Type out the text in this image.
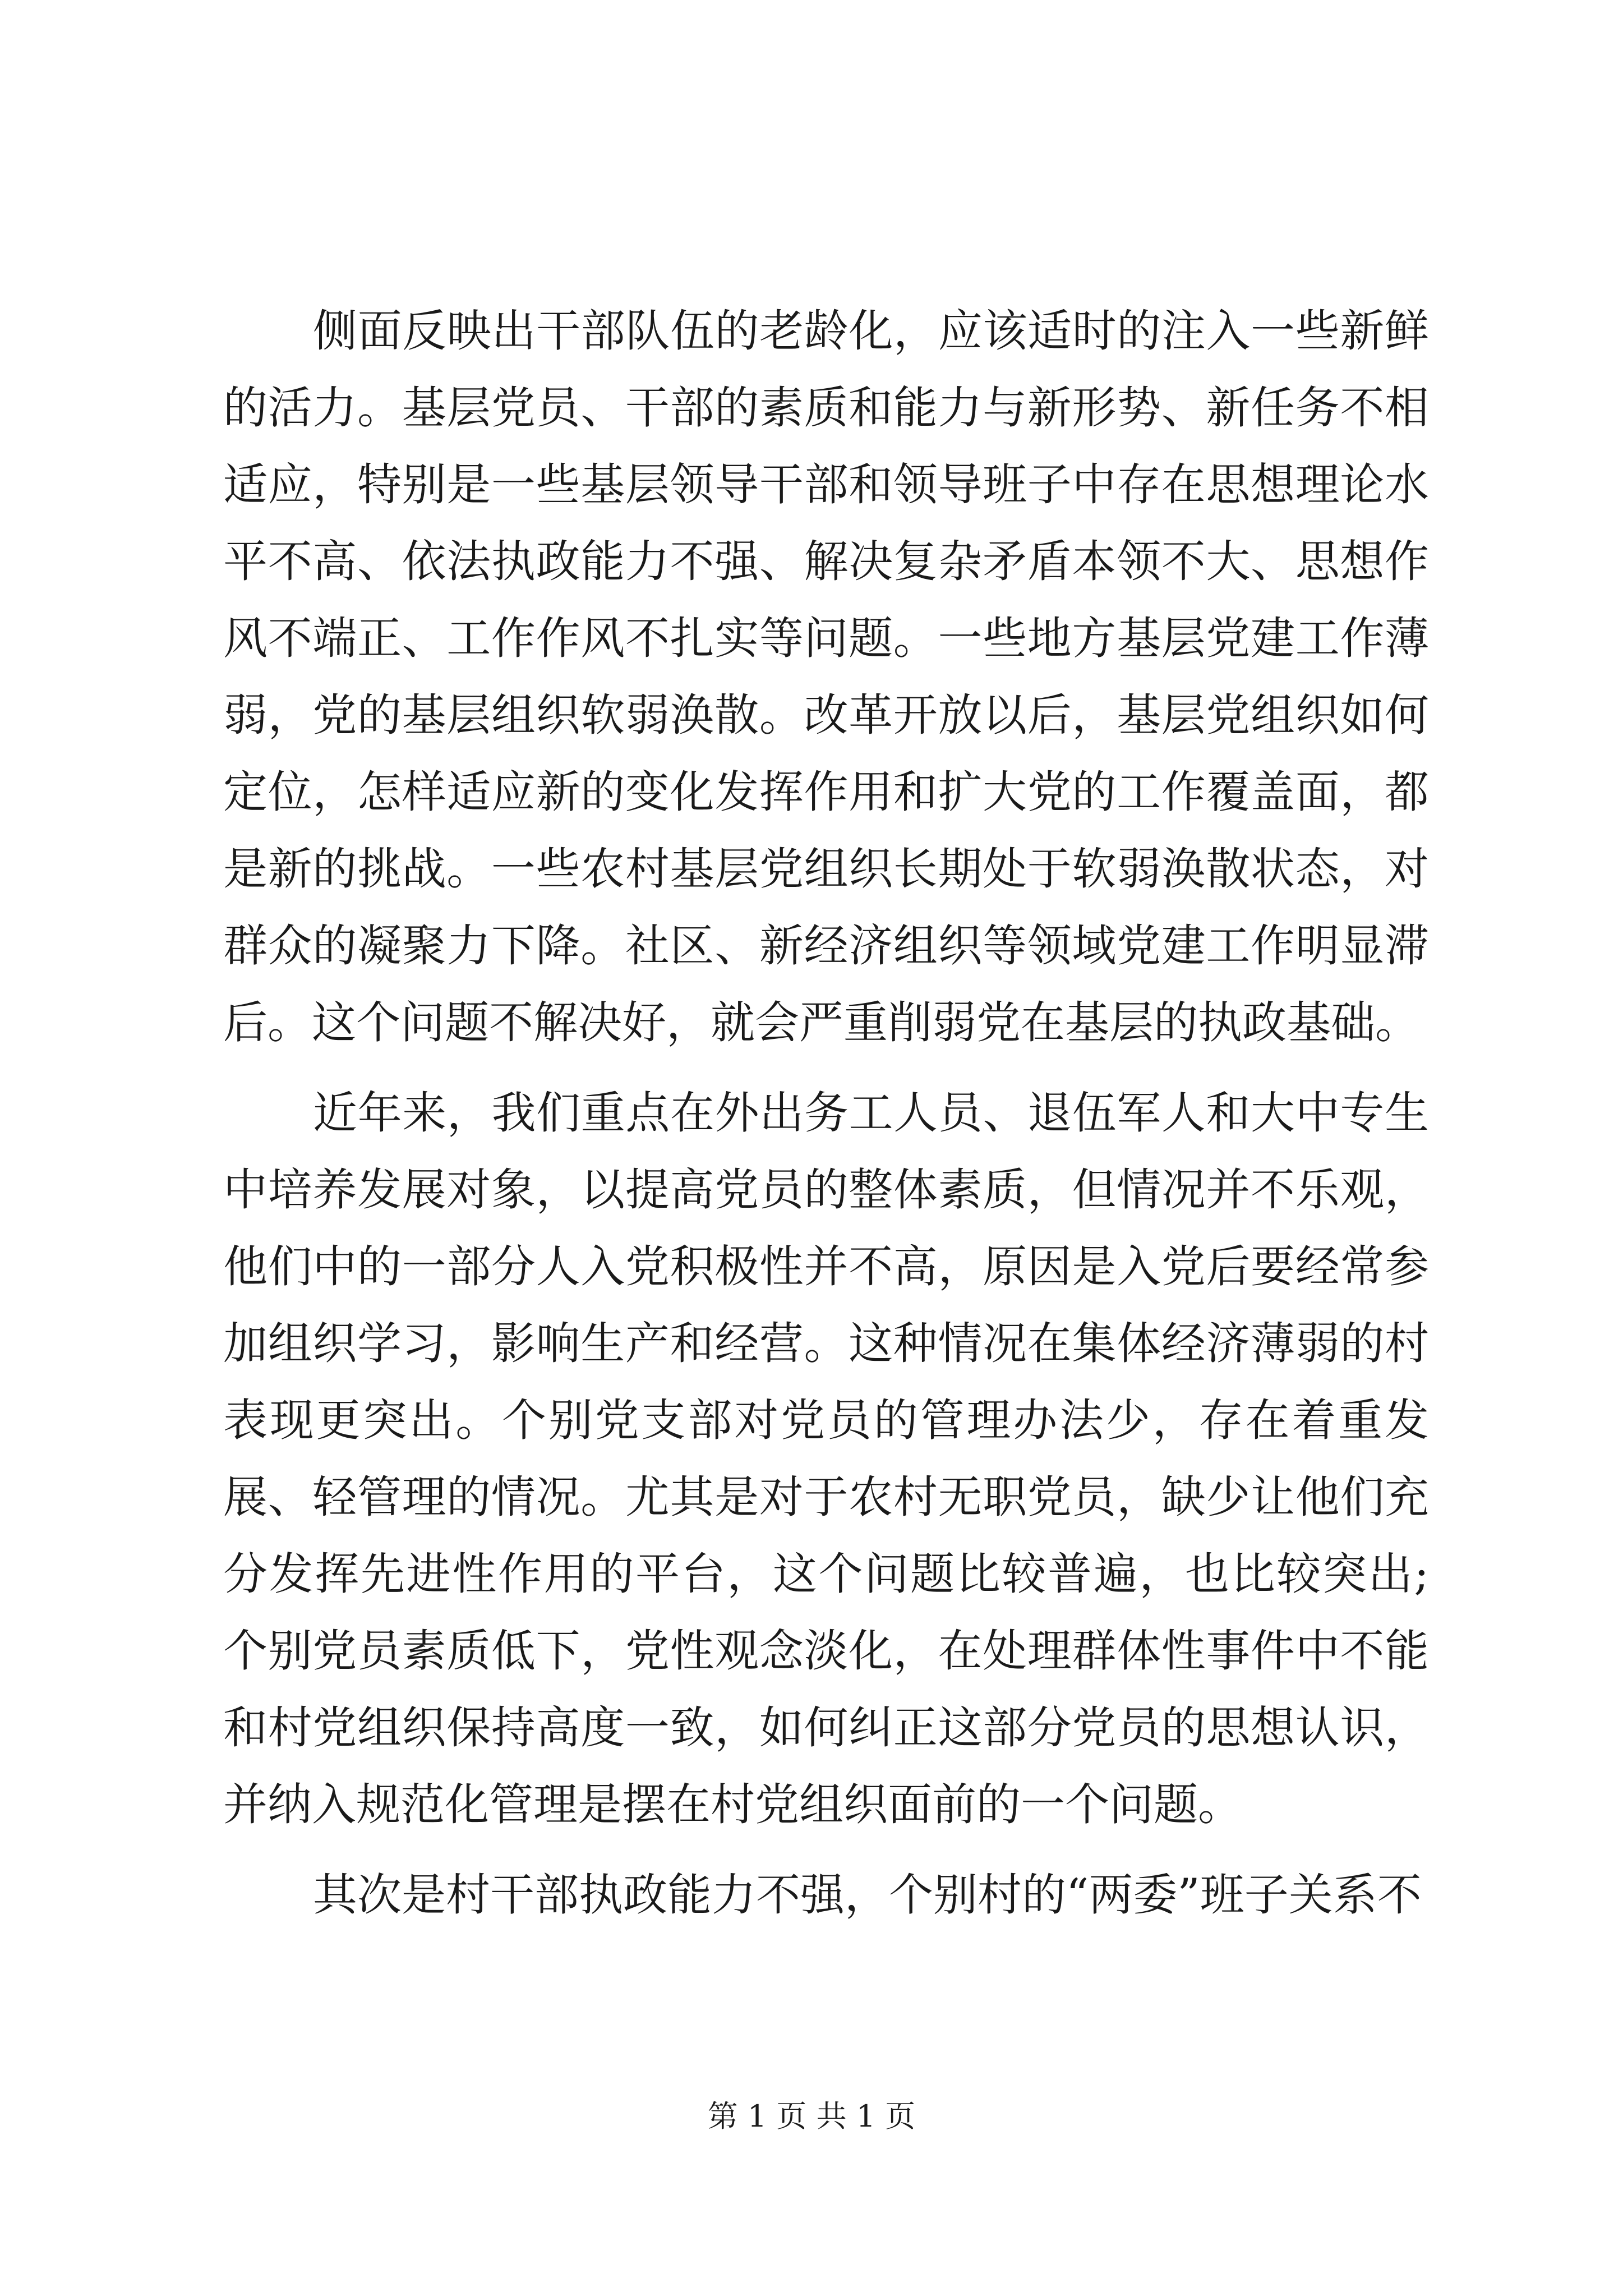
侧面反映出干部队伍的老龄化，应该适时的注入一些新鲜的活力。基层党员、干部的素质和能力与新形势、新任务不相适应，特别是一些基层领导干部和领导班子中存在思想理论水平不高、依法执政能力不强、解决复杂矛盾本领不大、思想作风不端正、工作作风不扎实等问题。一些地方基层党建工作薄弱，党的基层组织软弱涣散。改革开放以后，基层党组织如何定位，怎样适应新的变化发挥作用和扩大党的工作覆盖面，都是新的挑战。一些农村基层党组织长期处于软弱涣散状态，对群众的凝聚力下降。社区、新经济组织等领域党建工作明显滞后。这个问题不解决好，就会严重削弱党在基层的执政基础。

近年来，我们重点在外出务工人员、退伍军人和大中专生中培养发展对象，以提高党员的整体素质，但情况并不乐观，他们中的一部分人入党积极性并不高，原因是入党后要经常参加组织学习，影响生产和经营。这种情况在集体经济薄弱的村表现更突出。个别党支部对党员的管理办法少，存在着重发展、轻管理的情况。尤其是对于农村无职党员，缺少让他们充分发挥先进性作用的平台，这个问题比较普遍，也比较突出;个别党员素质低下，党性观念淡化，在处理群体性事件中不能和村党组织保持高度一致，如何纠正这部分党员的思想认识，并纳入规范化管理是摆在村党组织面前的一个问题。

其次是村干部执政能力不强，个别村的“两委”班子关系不

第 1 页 共 1 页
